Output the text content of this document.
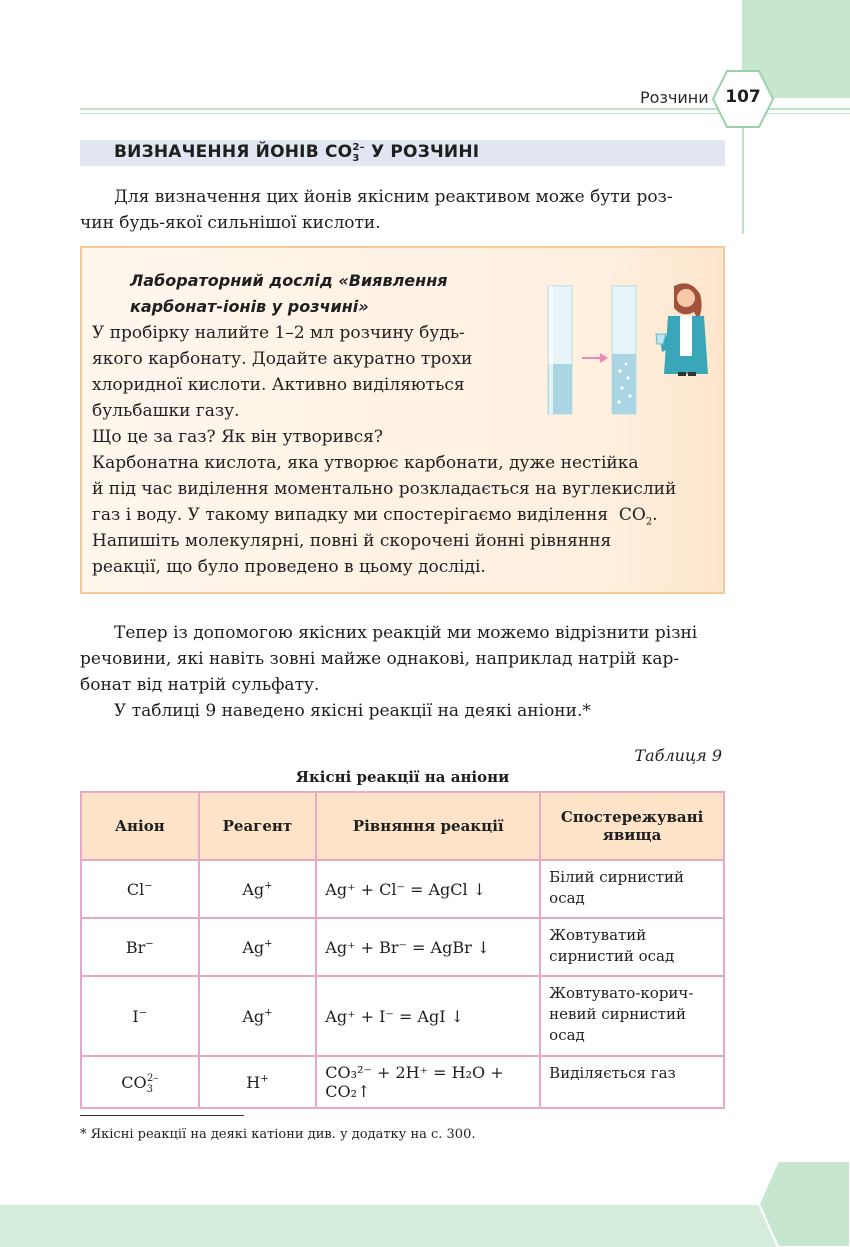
Розчини 107
ВИЗНАЧЕННЯ ЙОНІВ $CO_3^{2-}$ У РОЗЧИНІ

Для визначення цих йонів якісним реактивом може бути роз-
чин будь-якої сильнішої кислоти.

Лабораторний дослід «Виявлення
карбонат-іонів у розчині»

У пробірку налийте 1–2 мл розчину будь-
якого карбонату. Додайте акуратно трохи
хлоридної кислоти. Активно виділяються
бульбашки газу.

Що це за газ? Як він утворився?

Карбонатна кислота, яка утворює карбонати, дуже нестійка
й під час виділення моментально розкладається на вуглекислий
газ і воду. У такому випадку ми спостерігаємо виділення $CO_2$.

Напишіть молекулярні, повні й скорочені йонні рівняння
реакції, що було проведено в цьому досліді.

Тепер із допомогою якісних реакцій ми можемо відрізнити різні
речовини, які навіть зовні майже однакові, наприклад натрій кар-
бонат від натрій сульфату.

У таблиці 9 наведено якісні реакції на деякі аніони.*

Таблиця 9
Якісні реакції на аніони
Аніон	Реагент	Рівняння реакції	Спостережувані явища
Cl−	Ag+	Ag⁺ + Cl⁻ = AgCl ↓	Білий сирнистий осад
Br−	Ag+	Ag⁺ + Br⁻ = AgBr ↓	Жовтуватий сирнистий осад
I−	Ag+	Ag⁺ + I⁻ = AgI ↓	Жовтувато-корич-невий сирнистий осад
$CO_3^{2-}$	H+	CO₃²⁻ + 2H⁺ = H₂O + CO₂↑	Виділяється газ
* Якісні реакції на деякі катіони див. у додатку на с. 300.
